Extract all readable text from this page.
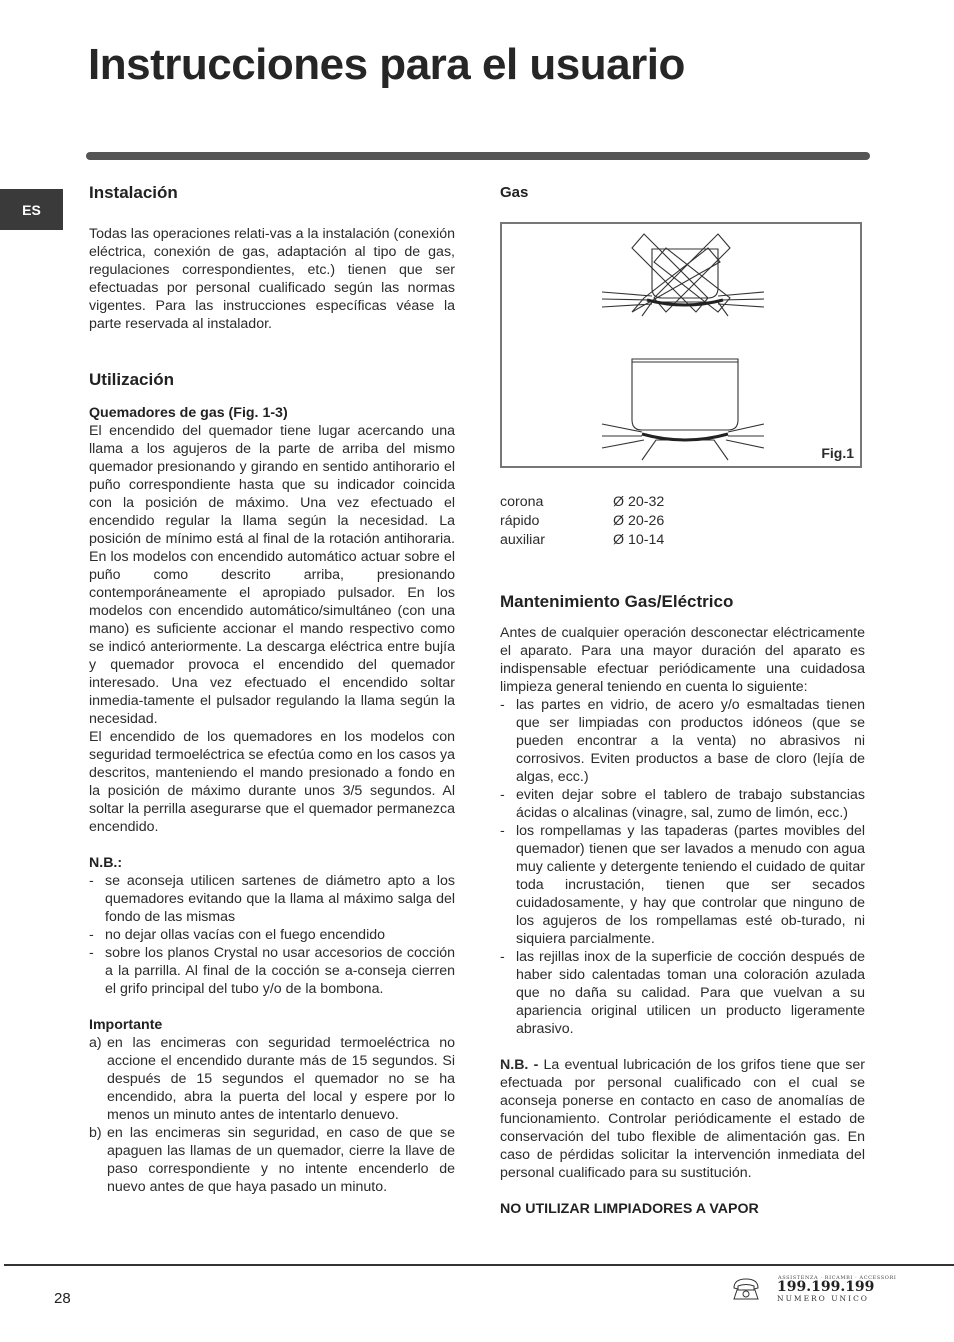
Instrucciones para el usuario
ES
Instalación

Todas las operaciones relati-vas a la instalación (conexión eléctrica, conexión de gas, adaptación al tipo de gas, regulaciones correspondientes, etc.) tienen que ser efectuadas por personal cualificado según las normas vigentes. Para las instrucciones específicas véase la parte reservada al instalador.

Utilización
Quemadores de gas (Fig. 1-3)

El encendido del quemador tiene lugar acercando una llama a los agujeros de la parte de arriba del mismo quemador presionando y girando en sentido antihorario el puño correspondiente hasta que su indicador coincida con la posición de máximo. Una vez efectuado el encendido regular la llama según la necesidad. La posición de mínimo está al final de la rotación antihoraria. En los modelos con encendido automático actuar sobre el puño como descrito arriba, presionando contemporáneamente el apropiado pulsador. En los modelos con encendido automático/simultáneo (con una mano) es suficiente accionar el mando respectivo como se indicó anteriormente. La descarga eléctrica entre bujía y quemador provoca el encendido del quemador interesado. Una vez efectuado el encendido soltar inmedia-tamente el pulsador regulando la llama según la necesidad.

El encendido de los quemadores en los modelos con seguridad termoeléctrica se efectúa como en los casos ya descritos, manteniendo el mando presionado a fondo en la posición de máximo durante unos 3/5 segundos. Al soltar la perrilla asegurarse que el quemador permanezca encendido.

N.B.:
- se aconseja utilicen sartenes de diámetro apto a los quemadores evitando que la llama al máximo salga del fondo de las mismas
- no dejar ollas vacías con el fuego encendido
- sobre los planos Crystal no usar accesorios de cocción a la parrilla. Al final de la cocción se a-conseja cierren el grifo principal del tubo y/o de la bombona.
Importante
a) en las encimeras con seguridad termoeléctrica no accione el encendido durante más de 15 segundos. Si después de 15 segundos el quemador no se ha encendido, abra la puerta del local y espere por lo menos un minuto antes de intentarlo denuevo.
b) en las encimeras sin seguridad, en caso de que se apaguen las llamas de un quemador, cierre la llave de paso correspondiente y no intente encenderlo de nuevo antes de que haya pasado un minuto.
Gas
Fig.1
corona	Ø 20-32
rápido	Ø 20-26
auxiliar	Ø 10-14
Mantenimiento Gas/Eléctrico

Antes de cualquier operación desconectar eléctricamente el aparato. Para una mayor duración del aparato es indispensable efectuar periódicamente una cuidadosa limpieza general teniendo en cuenta lo siguiente:

- las partes en vidrio, de acero y/o esmaltadas tienen que ser limpiadas con productos idóneos (que se pueden encontrar a la venta) no abrasivos ni corrosivos. Eviten productos a base de cloro (lejía de algas, ecc.)
- eviten dejar sobre el tablero de trabajo substancias ácidas o alcalinas (vinagre, sal, zumo de limón, ecc.)
- los rompellamas y las tapaderas (partes movibles del quemador) tienen que ser lavados a menudo con agua muy caliente y detergente teniendo el cuidado de quitar toda incrustación, tienen que ser secados cuidadosamente, y hay que controlar que ninguno de los agujeros de los rompellamas esté ob-turado, ni siquiera parcialmente.
- las rejillas inox de la superficie de cocción después de haber sido calentadas toman una coloración azulada que no daña su calidad. Para que vuelvan a su apariencia original utilicen un producto ligeramente abrasivo.

N.B. - La eventual lubricación de los grifos tiene que ser efectuada por personal cualificado con el cual se aconseja ponerse en contacto en caso de anomalías de funcionamiento. Controlar periódicamente el estado de conservación del tubo flexible de alimentación gas. En caso de pérdidas solicitar la intervención inmediata del personal cualificado para su sustitución.

NO UTILIZAR LIMPIADORES A VAPOR
28
ASSISTENZA · RICAMBI · ACCESSORI
199.199.199
NUMERO UNICO
